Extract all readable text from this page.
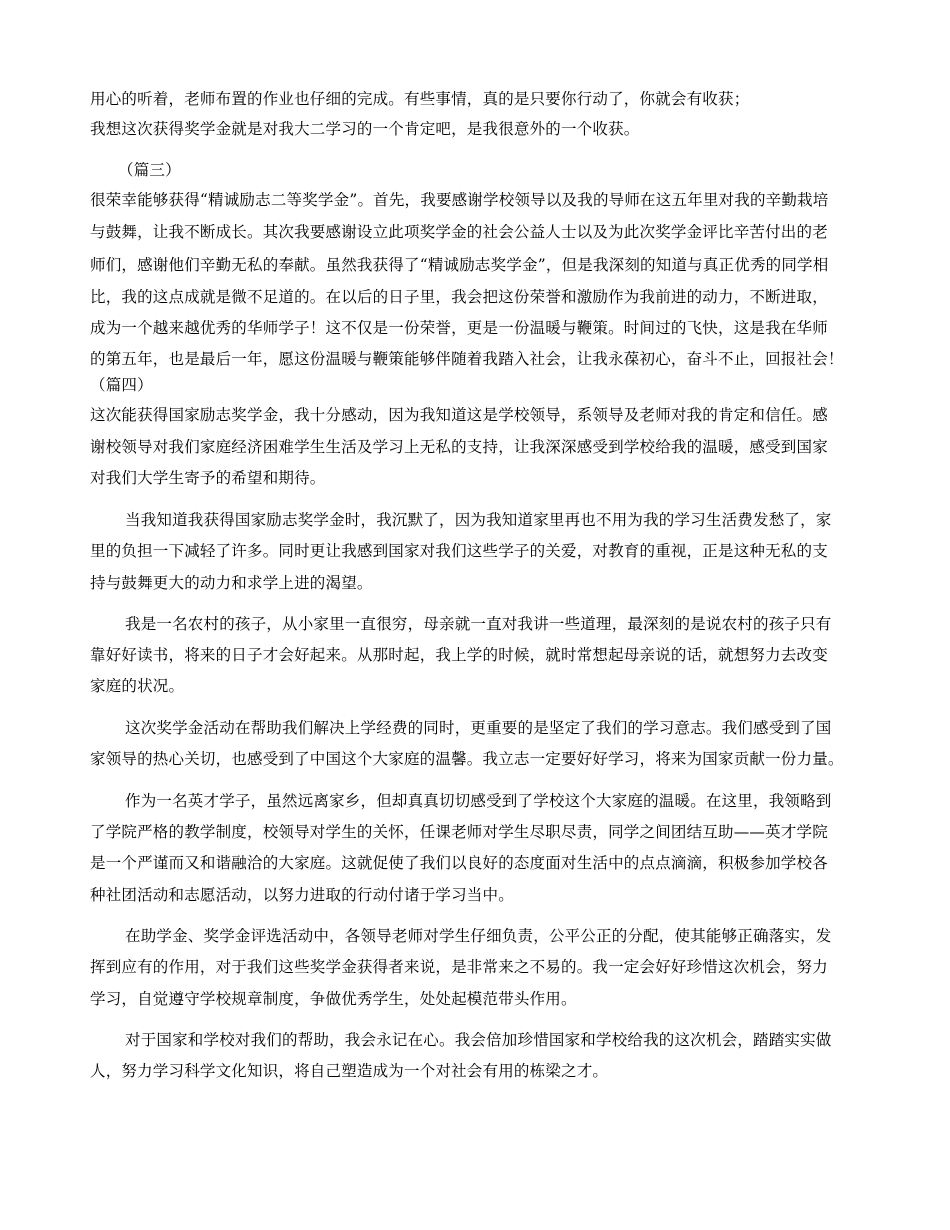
用心的听着，老师布置的作业也仔细的完成。有些事情，真的是只要你行动了，你就会有收获；
我想这次获得奖学金就是对我大二学习的一个肯定吧，是我很意外的一个收获。
（篇三）
很荣幸能够获得“精诚励志二等奖学金”。首先，我要感谢学校领导以及我的导师在这五年里对我的辛勤栽培
与鼓舞，让我不断成长。其次我要感谢设立此项奖学金的社会公益人士以及为此次奖学金评比辛苦付出的老
师们，感谢他们辛勤无私的奉献。虽然我获得了“精诚励志奖学金”，但是我深刻的知道与真正优秀的同学相
比，我的这点成就是微不足道的。在以后的日子里，我会把这份荣誉和激励作为我前进的动力，不断进取，
成为一个越来越优秀的华师学子！这不仅是一份荣誉，更是一份温暖与鞭策。时间过的飞快，这是我在华师
的第五年，也是最后一年，愿这份温暖与鞭策能够伴随着我踏入社会，让我永葆初心，奋斗不止，回报社会！
（篇四）
这次能获得国家励志奖学金，我十分感动，因为我知道这是学校领导，系领导及老师对我的肯定和信任。感
谢校领导对我们家庭经济困难学生生活及学习上无私的支持，让我深深感受到学校给我的温暖，感受到国家
对我们大学生寄予的希望和期待。
当我知道我获得国家励志奖学金时，我沉默了，因为我知道家里再也不用为我的学习生活费发愁了，家
里的负担一下减轻了许多。同时更让我感到国家对我们这些学子的关爱，对教育的重视，正是这种无私的支
持与鼓舞更大的动力和求学上进的渴望。
我是一名农村的孩子，从小家里一直很穷，母亲就一直对我讲一些道理，最深刻的是说农村的孩子只有
靠好好读书，将来的日子才会好起来。从那时起，我上学的时候，就时常想起母亲说的话，就想努力去改变
家庭的状况。
这次奖学金活动在帮助我们解决上学经费的同时，更重要的是坚定了我们的学习意志。我们感受到了国
家领导的热心关切，也感受到了中国这个大家庭的温馨。我立志一定要好好学习，将来为国家贡献一份力量。
作为一名英才学子，虽然远离家乡，但却真真切切感受到了学校这个大家庭的温暖。在这里，我领略到
了学院严格的教学制度，校领导对学生的关怀，任课老师对学生尽职尽责，同学之间团结互助——英才学院
是一个严谨而又和谐融洽的大家庭。这就促使了我们以良好的态度面对生活中的点点滴滴，积极参加学校各
种社团活动和志愿活动，以努力进取的行动付诸于学习当中。
在助学金、奖学金评选活动中，各领导老师对学生仔细负责，公平公正的分配，使其能够正确落实，发
挥到应有的作用，对于我们这些奖学金获得者来说，是非常来之不易的。我一定会好好珍惜这次机会，努力
学习，自觉遵守学校规章制度，争做优秀学生，处处起模范带头作用。
对于国家和学校对我们的帮助，我会永记在心。我会倍加珍惜国家和学校给我的这次机会，踏踏实实做
人，努力学习科学文化知识，将自己塑造成为一个对社会有用的栋梁之才。
